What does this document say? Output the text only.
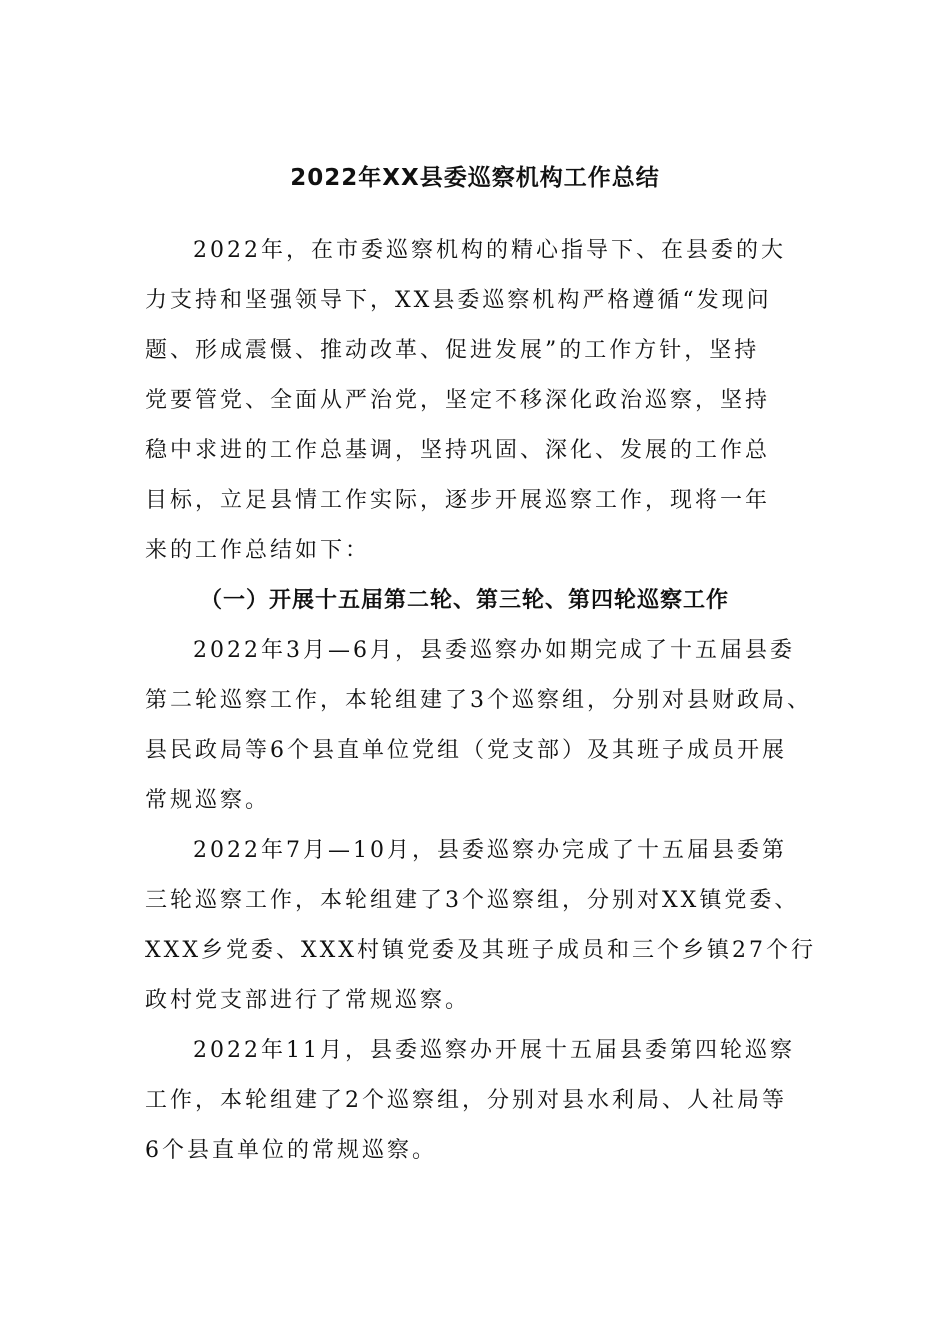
2022年XX县委巡察机构工作总结
2022年，在市委巡察机构的精心指导下、在县委的大
力支持和坚强领导下，XX县委巡察机构严格遵循“发现问
题、形成震慑、推动改革、促进发展”的工作方针，坚持
党要管党、全面从严治党，坚定不移深化政治巡察，坚持
稳中求进的工作总基调，坚持巩固、深化、发展的工作总
目标，立足县情工作实际，逐步开展巡察工作，现将一年
来的工作总结如下：
（一）开展十五届第二轮、第三轮、第四轮巡察工作
2022年3月—6月，县委巡察办如期完成了十五届县委
第二轮巡察工作，本轮组建了3个巡察组，分别对县财政局、
县民政局等6个县直单位党组（党支部）及其班子成员开展
常规巡察。
2022年7月—10月，县委巡察办完成了十五届县委第
三轮巡察工作，本轮组建了3个巡察组，分别对XX镇党委、
XXX乡党委、XXX村镇党委及其班子成员和三个乡镇27个行
政村党支部进行了常规巡察。
2022年11月，县委巡察办开展十五届县委第四轮巡察
工作，本轮组建了2个巡察组，分别对县水利局、人社局等
6个县直单位的常规巡察。
